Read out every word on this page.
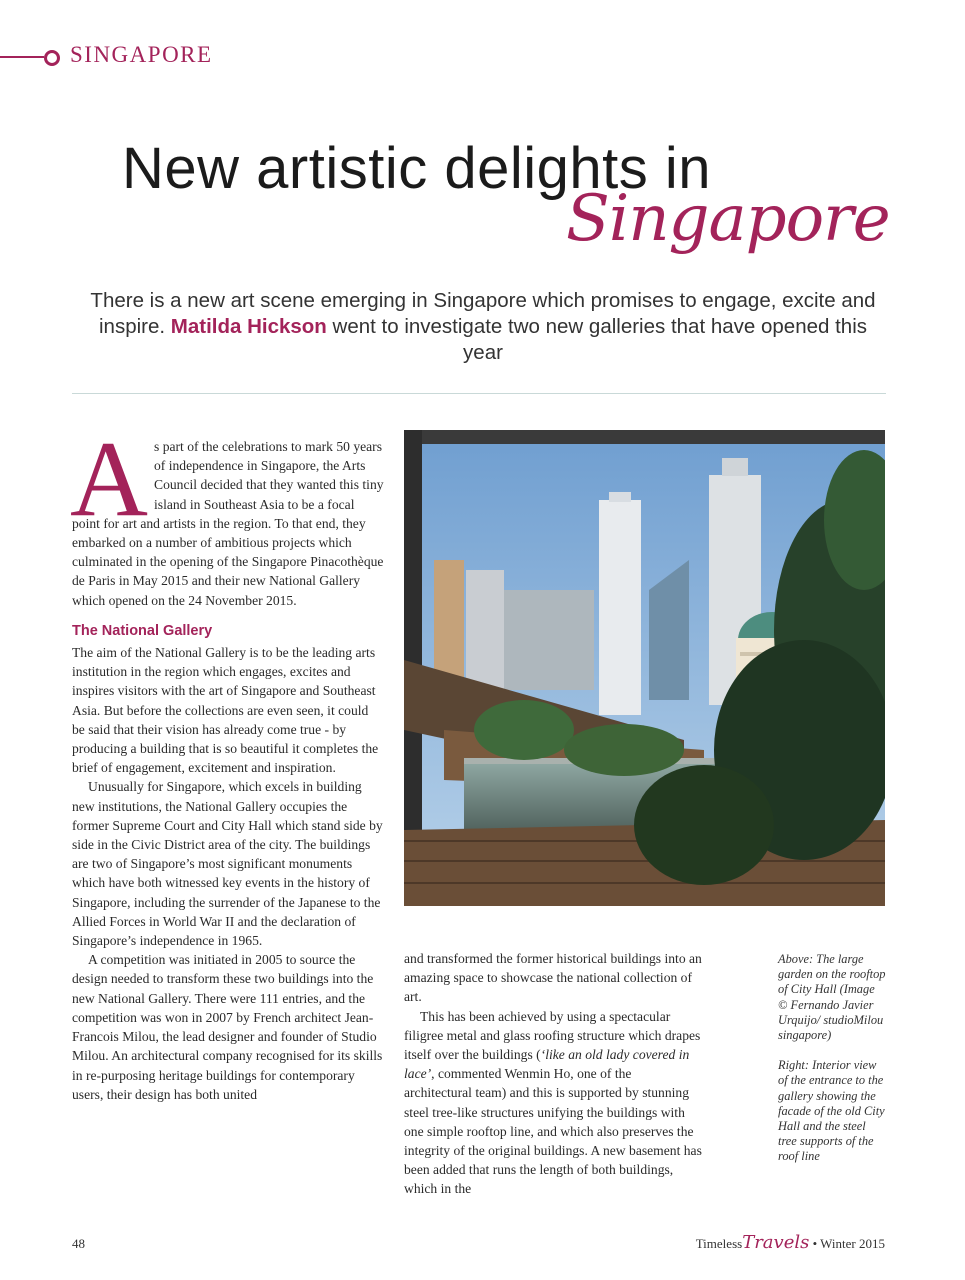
SINGAPORE
New artistic delights in
Singapore
There is a new art scene emerging in Singapore which promises to engage, excite and inspire. Matilda Hickson went to investigate two new galleries that have opened this year

As part of the celebrations to mark 50 years of independence in Singapore, the Arts Council decided that they wanted this tiny island in Southeast Asia to be a focal point for art and artists in the region. To that end, they embarked on a number of ambitious projects which culminated in the opening of the Singapore Pinacothèque de Paris in May 2015 and their new National Gallery which opened on the 24 November 2015.

The National Gallery

The aim of the National Gallery is to be the leading arts institution in the region which engages, excites and inspires visitors with the art of Singapore and Southeast Asia. But before the collections are even seen, it could be said that their vision has already come true - by producing a building that is so beautiful it completes the brief of engagement, excitement and inspiration.

Unusually for Singapore, which excels in building new institutions, the National Gallery occupies the former Supreme Court and City Hall which stand side by side in the Civic District area of the city. The buildings are two of Singapore’s most significant monuments which have both witnessed key events in the history of Singapore, including the surrender of the Japanese to the Allied Forces in World War II and the declaration of Singapore’s independence in 1965.

A competition was initiated in 2005 to source the design needed to transform these two buildings into the new National Gallery. There were 111 entries, and the competition was won in 2007 by French architect Jean-Francois Milou, the lead designer and founder of Studio Milou. An architectural company recognised for its skills in re-purposing heritage buildings for contemporary users, their design has both united

and transformed the former historical buildings into an amazing space to showcase the national collection of art.

This has been achieved by using a spectacular filigree metal and glass roofing structure which drapes itself over the buildings (‘like an old lady covered in lace’, commented Wenmin Ho, one of the architectural team) and this is supported by stunning steel tree-like structures unifying the buildings with one simple rooftop line, and which also preserves the integrity of the original buildings. A new basement has been added that runs the length of both buildings, which in the

Above: The large garden on the rooftop of City Hall (Image © Fernando Javier Urquijo/ studioMilou singapore)

Right: Interior view of the entrance to the gallery showing the facade of the old City Hall and the steel tree supports of the roof line

48	TimelessTravels • Winter 2015
